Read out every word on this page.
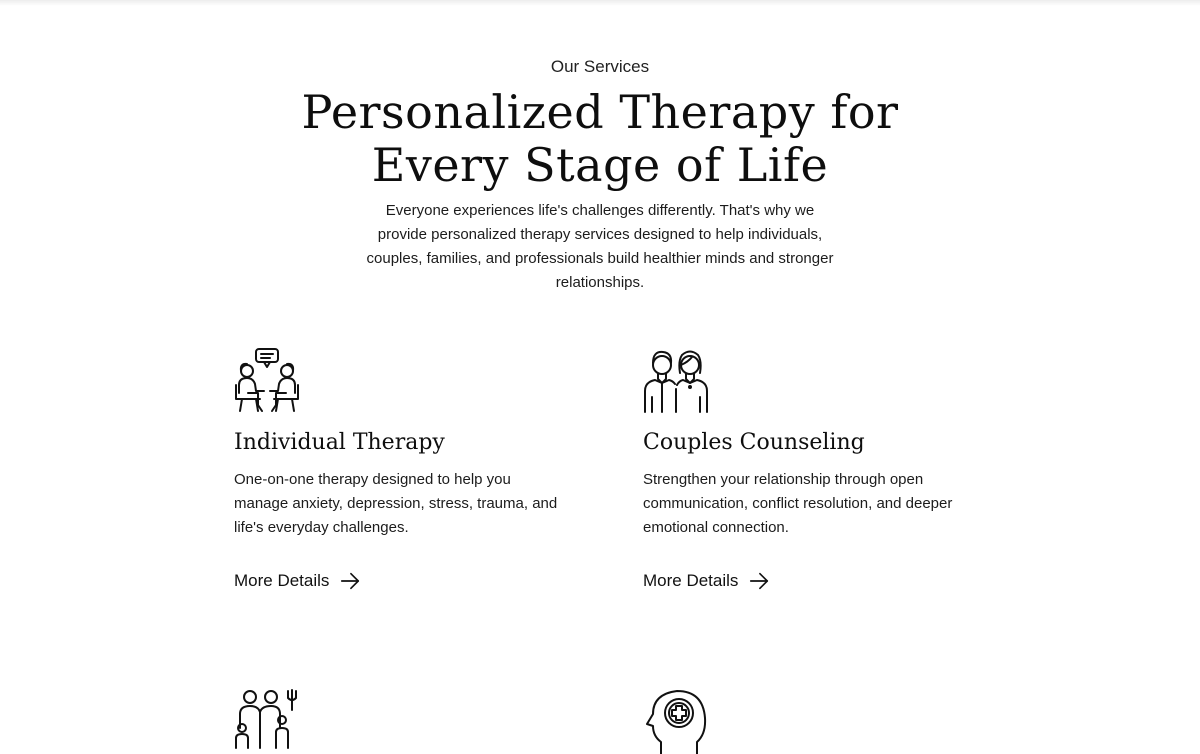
Our Services
Personalized Therapy for
Every Stage of Life

Everyone experiences life's challenges differently. That's why we provide personalized therapy services designed to help individuals, couples, families, and professionals build healthier minds and stronger relationships.

Individual Therapy

One-on-one therapy designed to help you manage anxiety, depression, stress, trauma, and life's everyday challenges.

More Details
Couples Counseling

Strengthen your relationship through open communication, conflict resolution, and deeper emotional connection.

More Details
